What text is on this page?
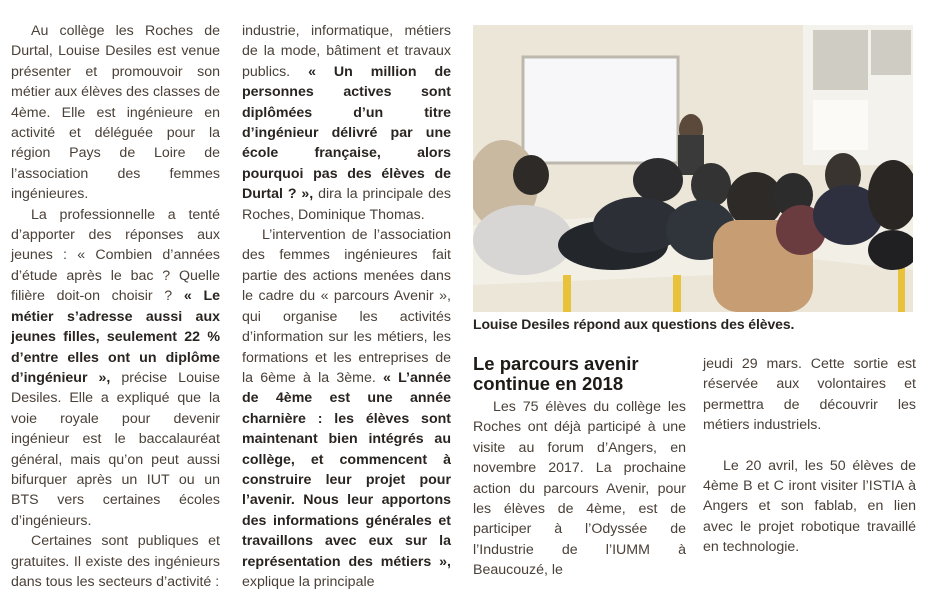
Au collège les Roches de Durtal, Louise Desiles est venue présenter et promouvoir son métier aux élèves des classes de 4ème. Elle est ingénieure en activité et déléguée pour la région Pays de Loire de l’association des femmes ingénieures.

La professionnelle a tenté d’apporter des réponses aux jeunes : « Combien d’années d’étude après le bac ? Quelle filière doit-on choisir ? « Le métier s’adresse aussi aux jeunes filles, seulement 22 % d’entre elles ont un diplôme d’ingénieur », précise Louise Desiles. Elle a expliqué que la voie royale pour devenir ingénieur est le baccalauréat général, mais qu’on peut aussi bifurquer après un IUT ou un BTS vers certaines écoles d’ingénieurs.

Certaines sont publiques et gratuites. Il existe des ingénieurs dans tous les secteurs d’activité :

industrie, informatique, métiers de la mode, bâtiment et travaux publics. « Un million de personnes actives sont diplômées d’un titre d’ingénieur délivré par une école française, alors pourquoi pas des élèves de Durtal ? », dira la principale des Roches, Dominique Thomas.

L’intervention de l’association des femmes ingénieures fait partie des actions menées dans le cadre du « parcours Avenir », qui organise les activités d’information sur les métiers, les formations et les entreprises de la 6ème à la 3ème. « L’année de 4ème est une année charnière : les élèves sont maintenant bien intégrés au collège, et commencent à construire leur projet pour l’avenir. Nous leur apportons des informations générales et travaillons avec eux sur la représentation des métiers », explique la principale

Louise Desiles répond aux questions des élèves.
Le parcours avenir continue en 2018

Les 75 élèves du collège les Roches ont déjà participé à une visite au forum d’Angers, en novembre 2017. La prochaine action du parcours Avenir, pour les élèves de 4ème, est de participer à l’Odyssée de l’Industrie de l’IUMM à Beaucouzé, le

jeudi 29 mars. Cette sortie est réservée aux volontaires et permettra de découvrir les métiers industriels.

Le 20 avril, les 50 élèves de 4ème B et C iront visiter l’ISTIA à Angers et son fablab, en lien avec le projet robotique travaillé en technologie.
